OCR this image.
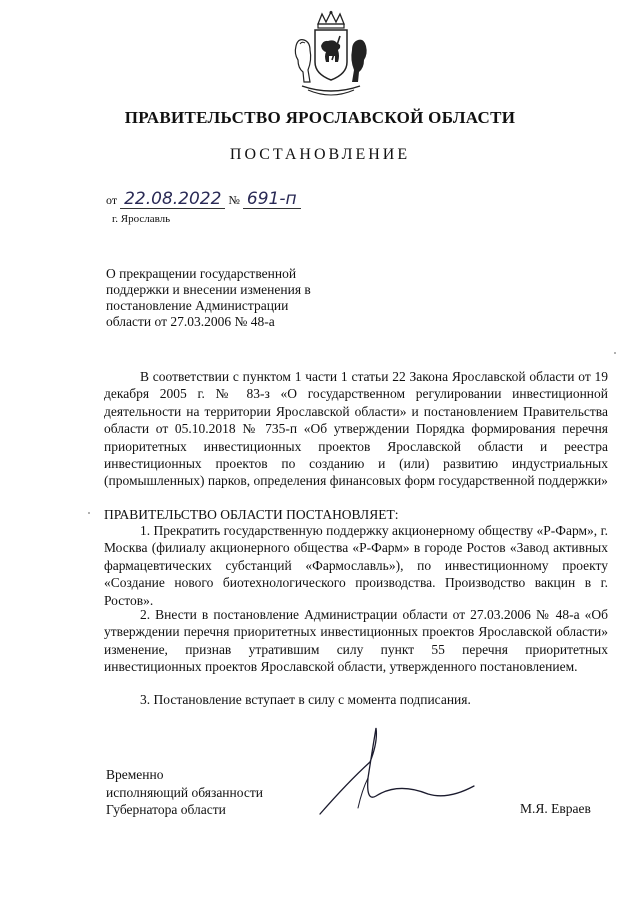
ПРАВИТЕЛЬСТВО ЯРОСЛАВСКОЙ ОБЛАСТИ
ПОСТАНОВЛЕНИЕ
от 22.08.2022 № 691-п
г. Ярославль
О прекращении государственной поддержки и внесении изменения в постановление Администрации области от 27.03.2006 № 48-а
В соответствии с пунктом 1 части 1 статьи 22 Закона Ярославской области от 19 декабря 2005 г. № 83-з «О государственном регулировании инвестиционной деятельности на территории Ярославской области» и постановлением Правительства области от 05.10.2018 № 735-п «Об утверждении Порядка формирования перечня приоритетных инвестиционных проектов Ярославской области и реестра инвестиционных проектов по созданию и (или) развитию индустриальных (промышленных) парков, определения финансовых форм государственной поддержки»
ПРАВИТЕЛЬСТВО ОБЛАСТИ ПОСТАНОВЛЯЕТ:
1. Прекратить государственную поддержку акционерному обществу «Р-Фарм», г. Москва (филиалу акционерного общества «Р-Фарм» в городе Ростов «Завод активных фармацевтических субстанций «Фармославль»), по инвестиционному проекту «Создание нового биотехнологического производства. Производство вакцин в г. Ростов».
2. Внести в постановление Администрации области от 27.03.2006 № 48-а «Об утверждении перечня приоритетных инвестиционных проектов Ярославской области» изменение, признав утратившим силу пункт 55 перечня приоритетных инвестиционных проектов Ярославской области, утвержденного постановлением.
3. Постановление вступает в силу с момента подписания.
Временно
исполняющий обязанности
Губернатора области	М.Я. Евраев
